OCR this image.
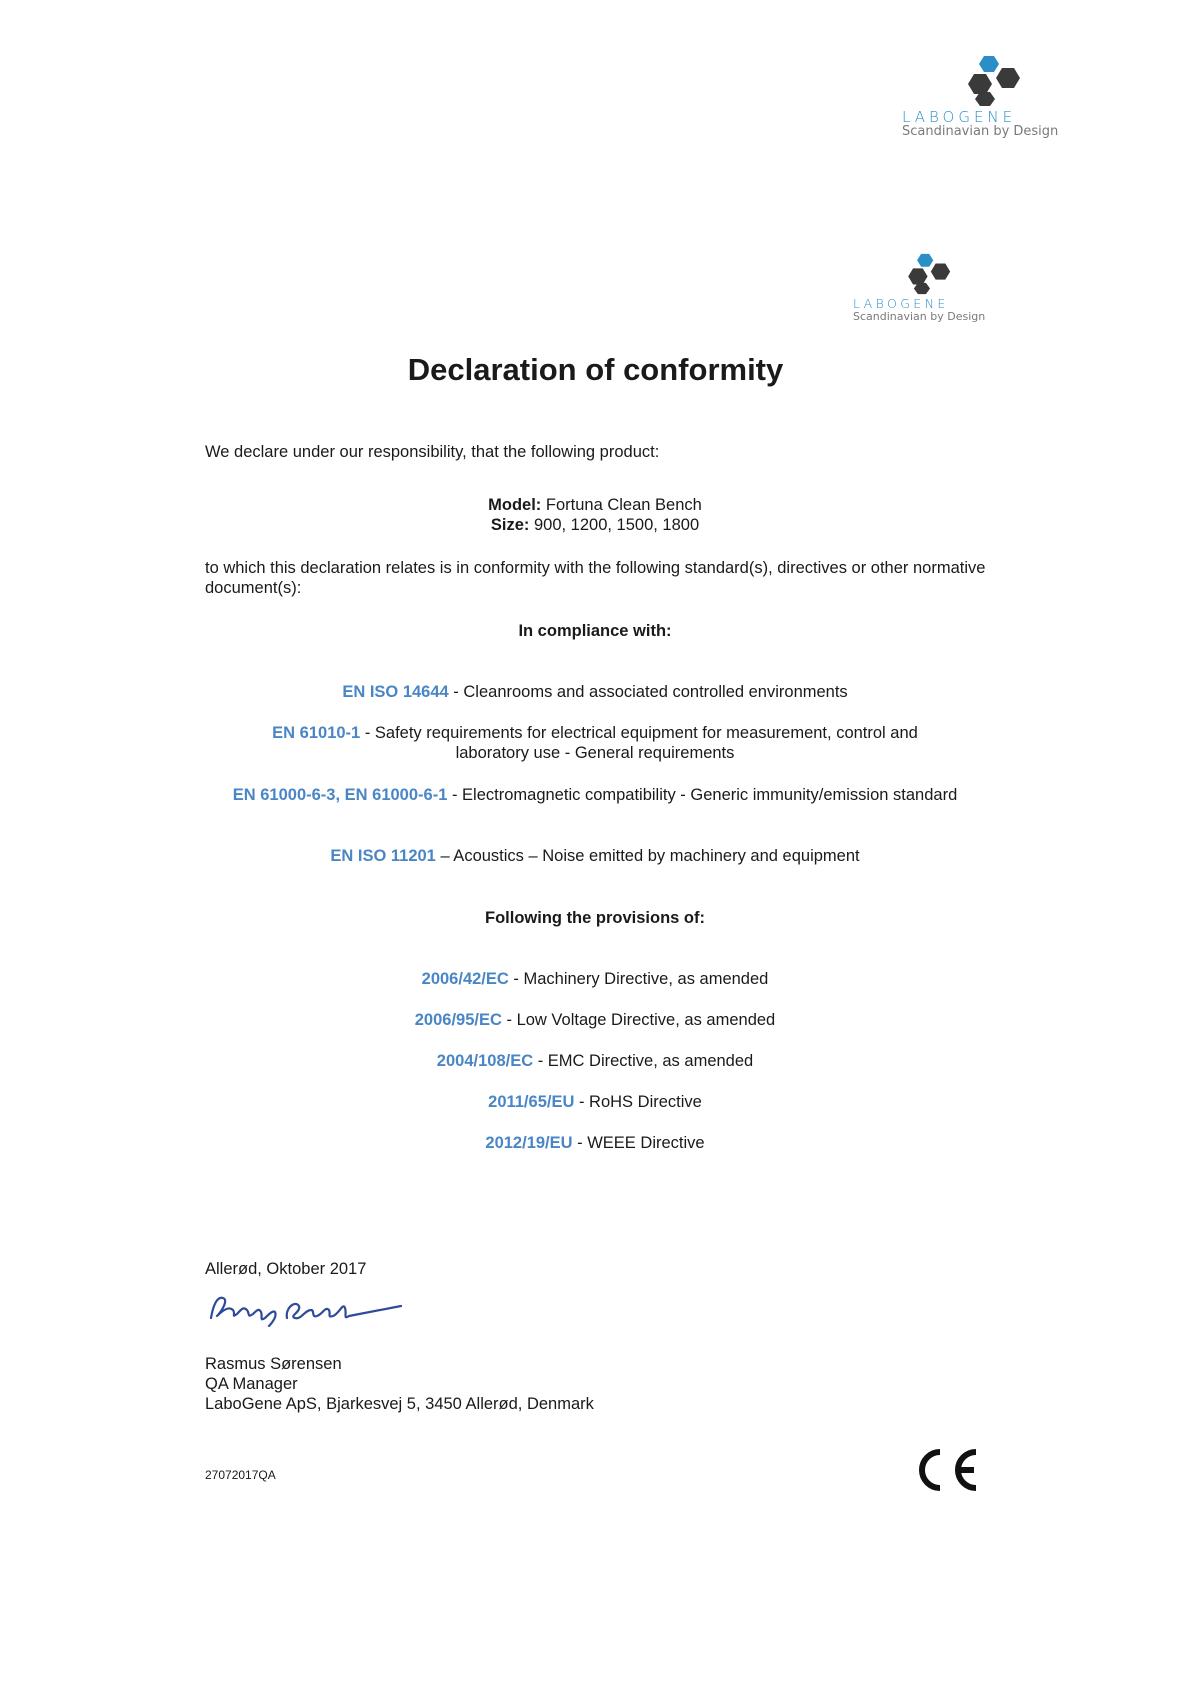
LABOGENE
Scandinavian by Design
LABOGENE
Scandinavian by Design
Declaration of conformity
We declare under our responsibility, that the following product:
Model: Fortuna Clean Bench
Size: 900, 1200, 1500, 1800
to which this declaration relates is in conformity with the following standard(s), directives or other normative document(s):
In compliance with:
EN ISO 14644 - Cleanrooms and associated controlled environments
EN 61010-1 - Safety requirements for electrical equipment for measurement, control and laboratory use - General requirements
EN 61000-6-3, EN 61000-6-1 - Electromagnetic compatibility - Generic immunity/emission standard
EN ISO 11201 – Acoustics – Noise emitted by machinery and equipment
Following the provisions of:
2006/42/EC - Machinery Directive, as amended
2006/95/EC - Low Voltage Directive, as amended
2004/108/EC - EMC Directive, as amended
2011/65/EU - RoHS Directive
2012/19/EU - WEEE Directive
Allerød, Oktober 2017
Rasmus Sørensen
QA Manager
LaboGene ApS, Bjarkesvej 5, 3450 Allerød, Denmark
27072017QA
